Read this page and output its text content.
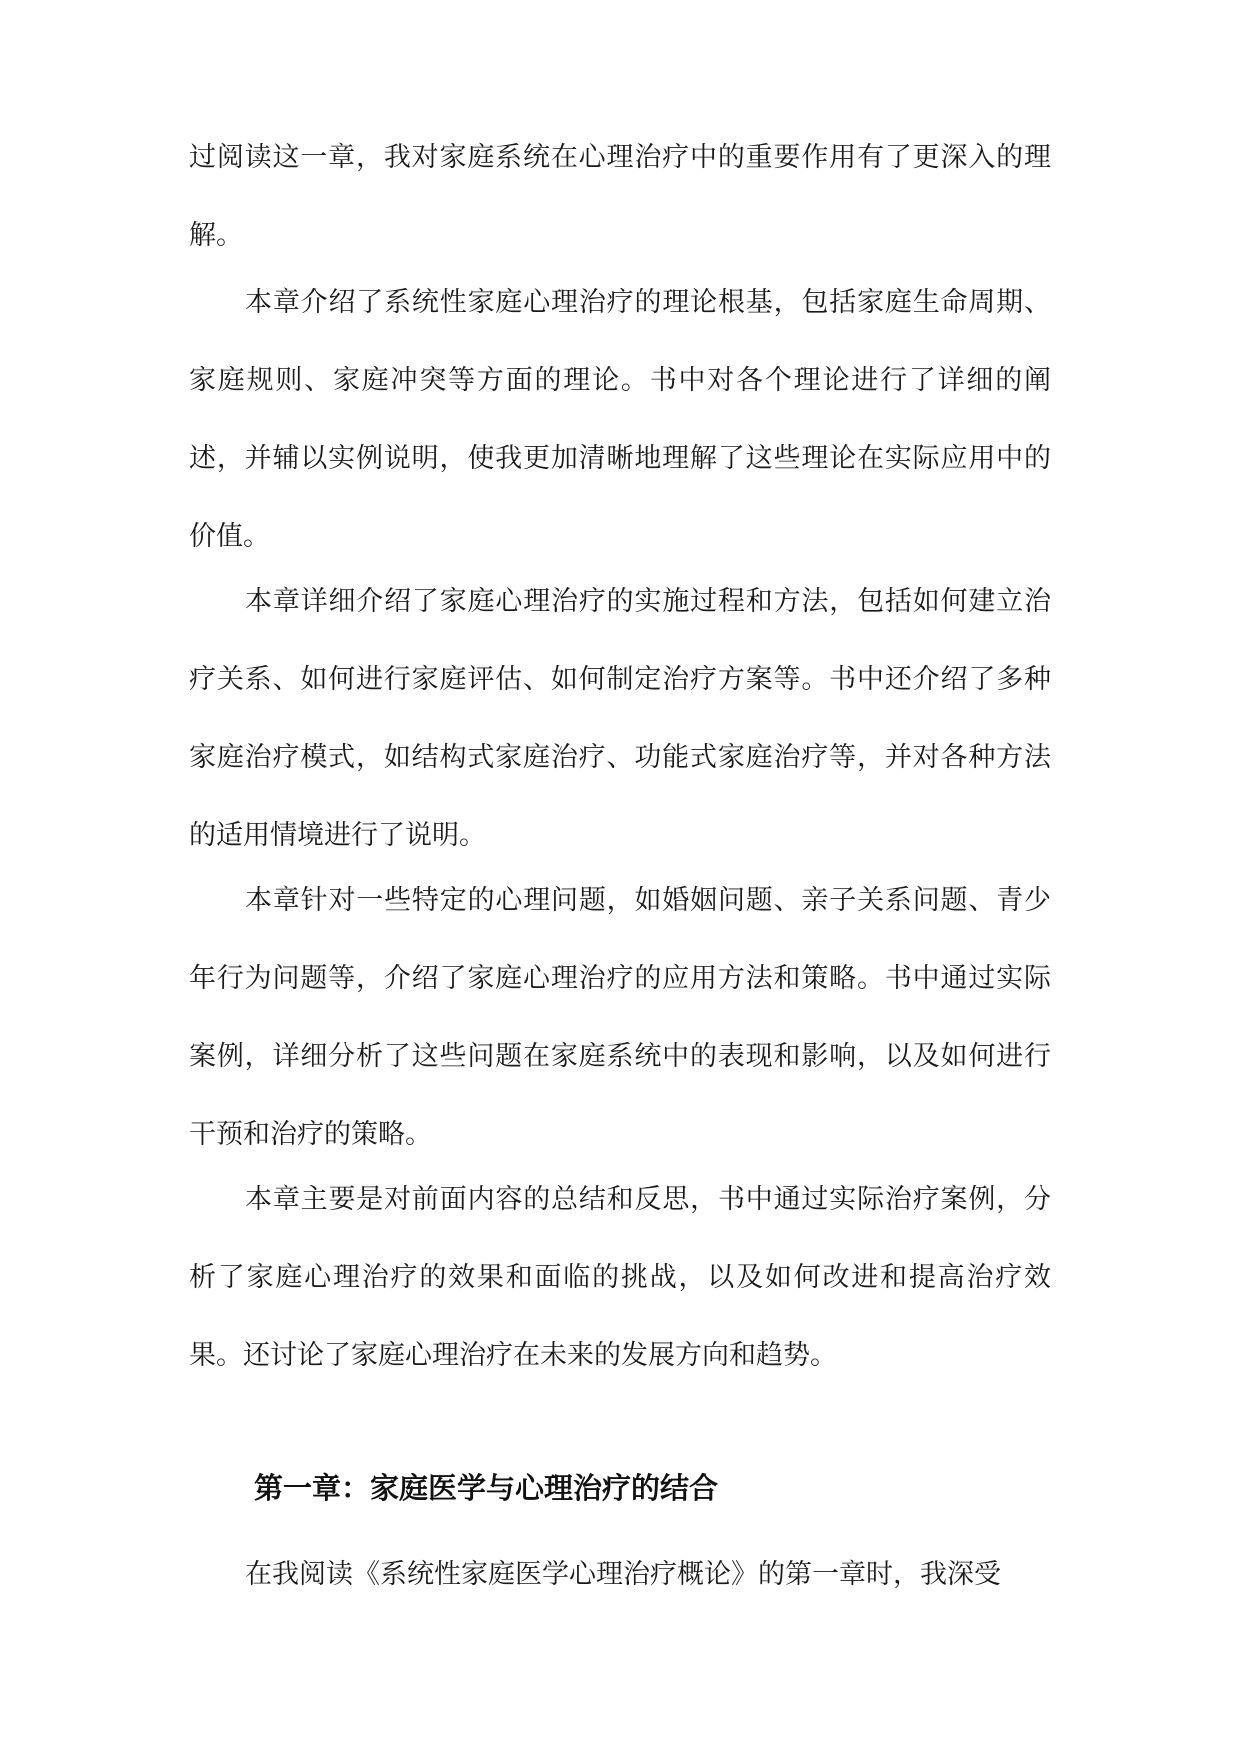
过阅读这一章，我对家庭系统在心理治疗中的重要作用有了更深入的理解。

本章介绍了系统性家庭心理治疗的理论根基，包括家庭生命周期、家庭规则、家庭冲突等方面的理论。书中对各个理论进行了详细的阐述，并辅以实例说明，使我更加清晰地理解了这些理论在实际应用中的价值。

本章详细介绍了家庭心理治疗的实施过程和方法，包括如何建立治疗关系、如何进行家庭评估、如何制定治疗方案等。书中还介绍了多种家庭治疗模式，如结构式家庭治疗、功能式家庭治疗等，并对各种方法的适用情境进行了说明。

本章针对一些特定的心理问题，如婚姻问题、亲子关系问题、青少年行为问题等，介绍了家庭心理治疗的应用方法和策略。书中通过实际案例，详细分析了这些问题在家庭系统中的表现和影响，以及如何进行干预和治疗的策略。

本章主要是对前面内容的总结和反思，书中通过实际治疗案例，分析了家庭心理治疗的效果和面临的挑战，以及如何改进和提高治疗效果。还讨论了家庭心理治疗在未来的发展方向和趋势。

第一章：家庭医学与心理治疗的结合

在我阅读《系统性家庭医学心理治疗概论》的第一章时，我深受
